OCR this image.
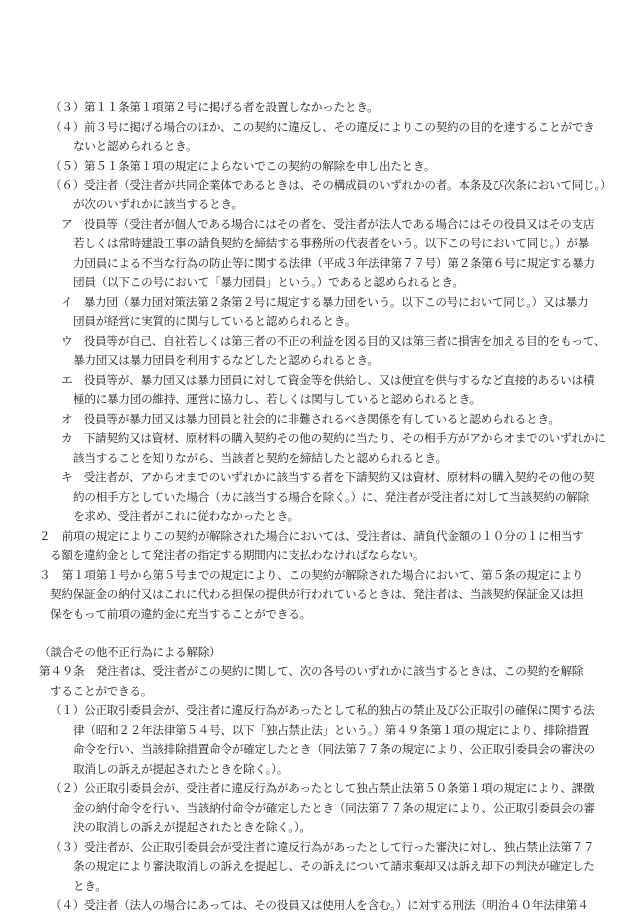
（３）第１１条第１項第２号に掲げる者を設置しなかったとき。
（４）前３号に掲げる場合のほか、この契約に違反し、その違反によりこの契約の目的を達することができ
ないと認められるとき。
（５）第５１条第１項の規定によらないでこの契約の解除を申し出たとき。
（６）受注者（受注者が共同企業体であるときは、その構成員のいずれかの者。本条及び次条において同じ。）
が次のいずれかに該当するとき。
ア　役員等（受注者が個人である場合にはその者を、受注者が法人である場合にはその役員又はその支店
若しくは常時建設工事の請負契約を締結する事務所の代表者をいう。以下この号において同じ。）が暴
力団員による不当な行為の防止等に関する法律（平成３年法律第７７号）第２条第６号に規定する暴力
団員（以下この号において「暴力団員」という。）であると認められるとき。
イ　暴力団（暴力団対策法第２条第２号に規定する暴力団をいう。以下この号において同じ。）又は暴力
団員が経営に実質的に関与していると認められるとき。
ウ　役員等が自己、自社若しくは第三者の不正の利益を図る目的又は第三者に損害を加える目的をもって、
暴力団又は暴力団員を利用するなどしたと認められるとき。
エ　役員等が、暴力団又は暴力団員に対して資金等を供給し、又は便宜を供与するなど直接的あるいは積
極的に暴力団の維持、運営に協力し、若しくは関与していると認められるとき。
オ　役員等が暴力団又は暴力団員と社会的に非難されるべき関係を有していると認められるとき。
カ　下請契約又は資材、原材料の購入契約その他の契約に当たり、その相手方がアからオまでのいずれかに
該当することを知りながら、当該者と契約を締結したと認められるとき。
キ　受注者が、アからオまでのいずれかに該当する者を下請契約又は資材、原材料の購入契約その他の契
約の相手方としていた場合（カに該当する場合を除く。）に、発注者が受注者に対して当該契約の解除
を求め、受注者がこれに従わなかったとき。
２　前項の規定によりこの契約が解除された場合においては、受注者は、請負代金額の１０分の１に相当す
る額を違約金として発注者の指定する期間内に支払わなければならない。
３　第１項第１号から第５号までの規定により、この契約が解除された場合において、第５条の規定により
契約保証金の納付又はこれに代わる担保の提供が行われているときは、発注者は、当該契約保証金又は担
保をもって前項の違約金に充当することができる。
（談合その他不正行為による解除）
第４９条　発注者は、受注者がこの契約に関して、次の各号のいずれかに該当するときは、この契約を解除
することができる。
（１）公正取引委員会が、受注者に違反行為があったとして私的独占の禁止及び公正取引の確保に関する法
律（昭和２２年法律第５４号、以下「独占禁止法」という。）第４９条第１項の規定により、排除措置
命令を行い、当該排除措置命令が確定したとき（同法第７７条の規定により、公正取引委員会の審決の
取消しの訴えが提起されたときを除く。）。
（２）公正取引委員会が、受注者に違反行為があったとして独占禁止法第５０条第１項の規定により、課徴
金の納付命令を行い、当該納付命令が確定したとき（同法第７７条の規定により、公正取引委員会の審
決の取消しの訴えが提起されたときを除く。）。
（３）受注者が、公正取引委員会が受注者に違反行為があったとして行った審決に対し、独占禁止法第７７
条の規定により審決取消しの訴えを提起し、その訴えについて請求棄却又は訴え却下の判決が確定した
とき。
（４）受注者（法人の場合にあっては、その役員又は使用人を含む。）に対する刑法（明治４０年法律第４
